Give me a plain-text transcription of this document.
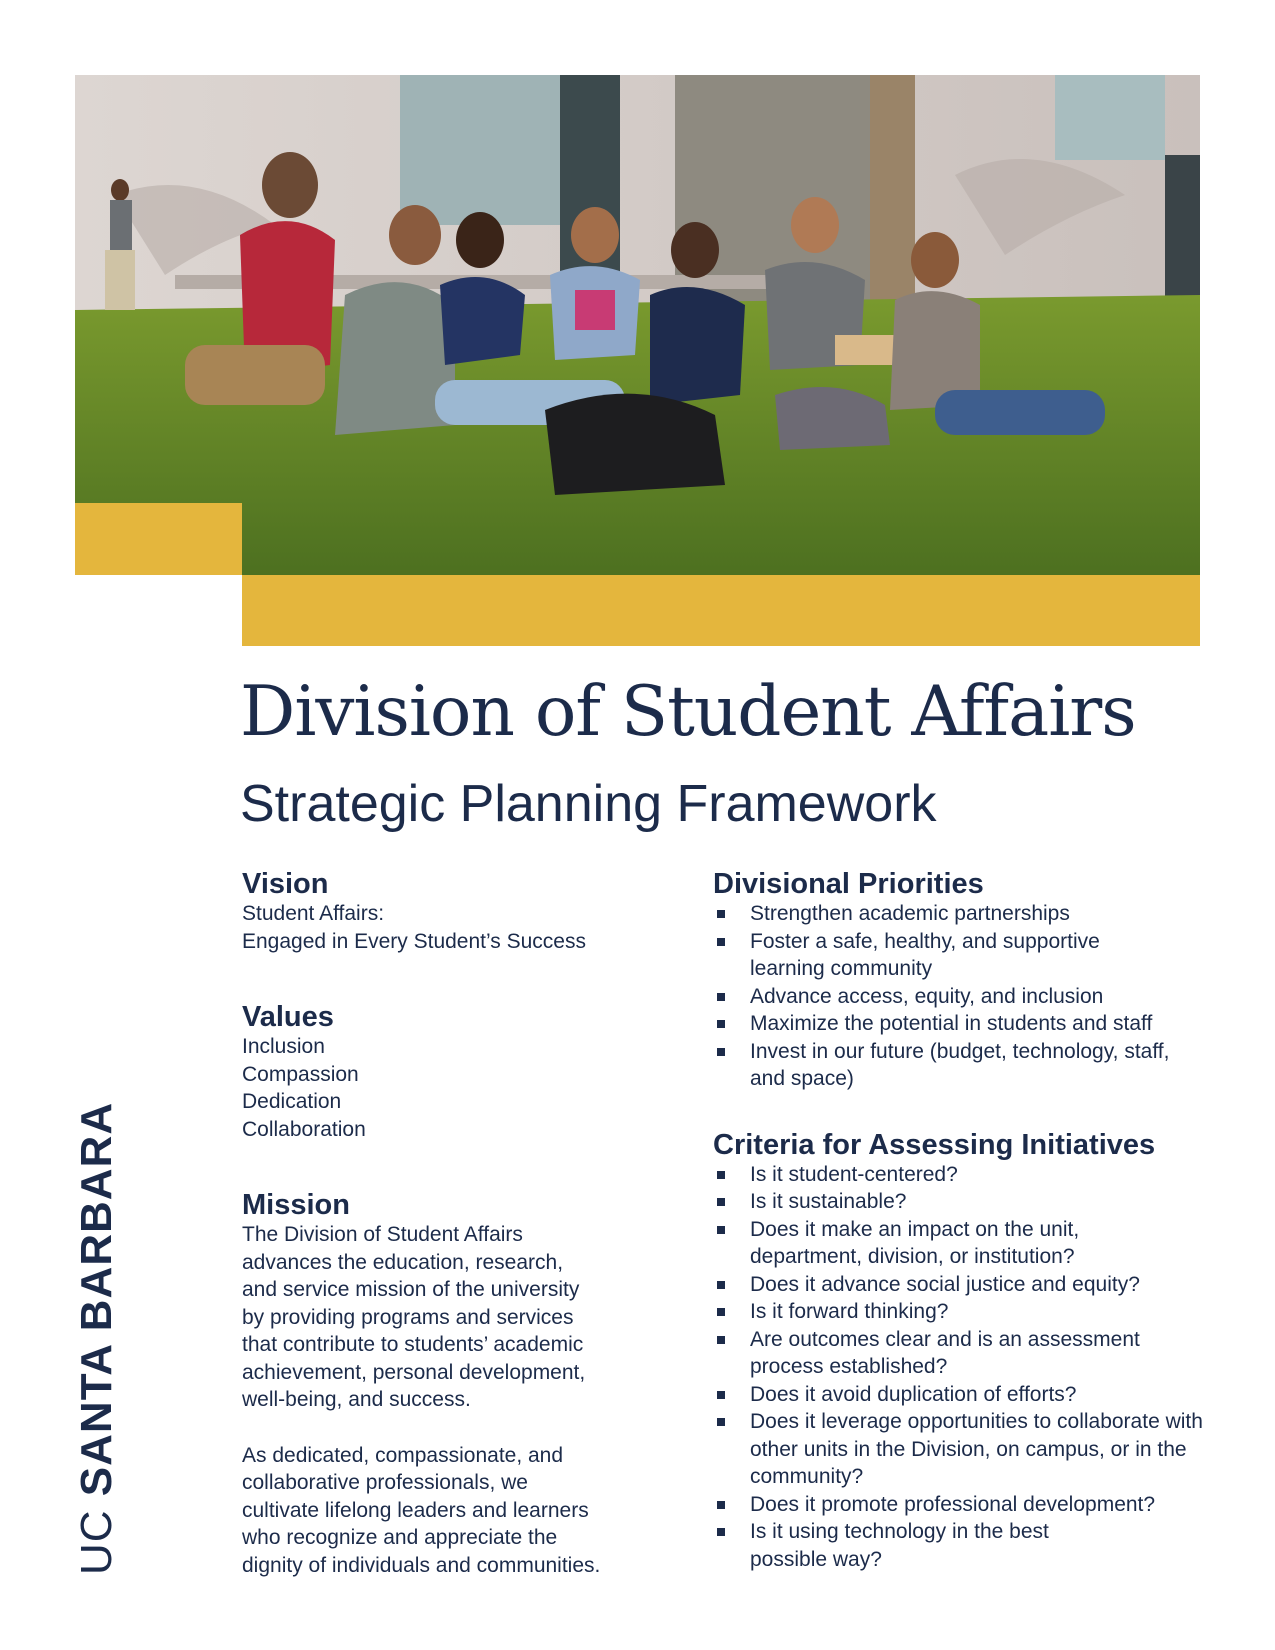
Division of Student Affairs
Strategic Planning Framework
Vision
Student Affairs:
Engaged in Every Student’s Success
Values
Inclusion
Compassion
Dedication
Collaboration
Mission
The Division of Student Affairs
advances the education, research,
and service mission of the university
by providing programs and services
that contribute to students’ academic
achievement, personal development,
well-being, and success.
As dedicated, compassionate, and
collaborative professionals, we
cultivate lifelong leaders and learners
who recognize and appreciate the
dignity of individuals and communities.
Divisional Priorities
Strengthen academic partnerships
Foster a safe, healthy, and supportive learning community
Advance access, equity, and inclusion
Maximize the potential in students and staff
Invest in our future (budget, technology, staff, and space)
Criteria for Assessing Initiatives
Is it student-centered?
Is it sustainable?
Does it make an impact on the unit, department, division, or institution?
Does it advance social justice and equity?
Is it forward thinking?
Are outcomes clear and is an assessment process established?
Does it avoid duplication of efforts?
Does it leverage opportunities to collaborate with other units in the Division, on campus, or in the community?
Does it promote professional development?
Is it using technology in the best possible way?
UC SANTA BARBARA
